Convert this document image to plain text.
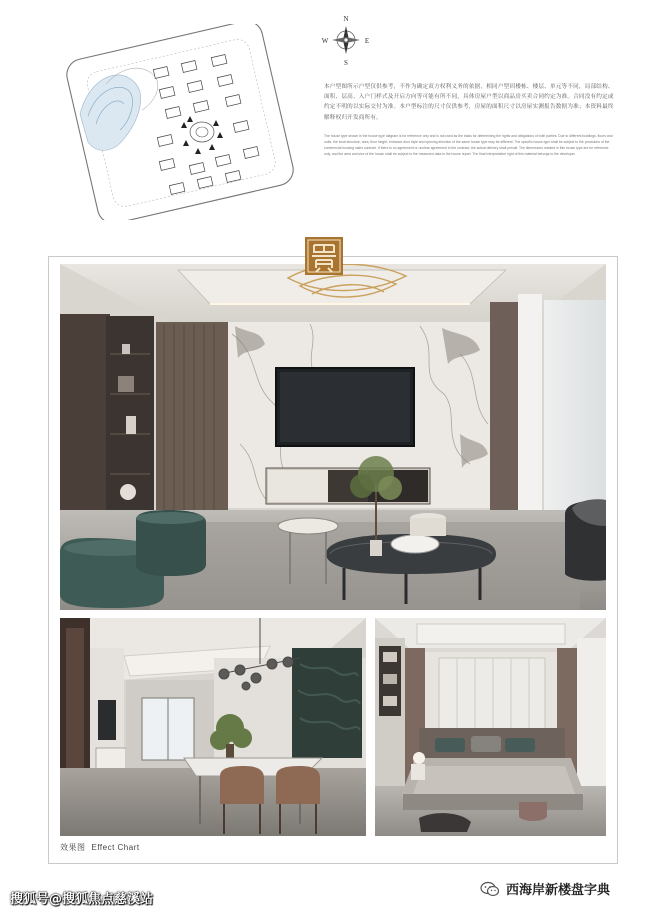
N
S
E
W

本户型图所示户型仅供参考，不作为确定双方权利义务的依据，相同户型因楼栋、楼层、单元等不同，局部结构、面积、层高、入户门样式及开启方向等可能有所不同，具体房屋户型以商品房买卖合同约定为准。合同没有约定或约定不明的以实际交付为准。本户型标注的尺寸仅供参考，房屋的面积尺寸以房屋实测报告数据为准；本资料最终解释权归开发商所有。

The house type shown in the house type diagram is for reference only and is not used as the basis for determining the rights and obligations of both parties. Due to different buildings, floors and units, the local structure, area, floor height, entrance door style and opening direction of the same house type may be different. The specific house type shall be subject to the provisions of the commercial housing sales contract. If there is no agreement or unclear agreement in the contract, the actual delivery shall prevail. The dimensions marked in this house type are for reference only, and the area and size of the house shall be subject to the measured data in the house report. The final interpretation right of this material belongs to the developer.

效果图 Effect Chart
搜狐号@搜狐焦点慈溪站
西海岸新楼盘字典
